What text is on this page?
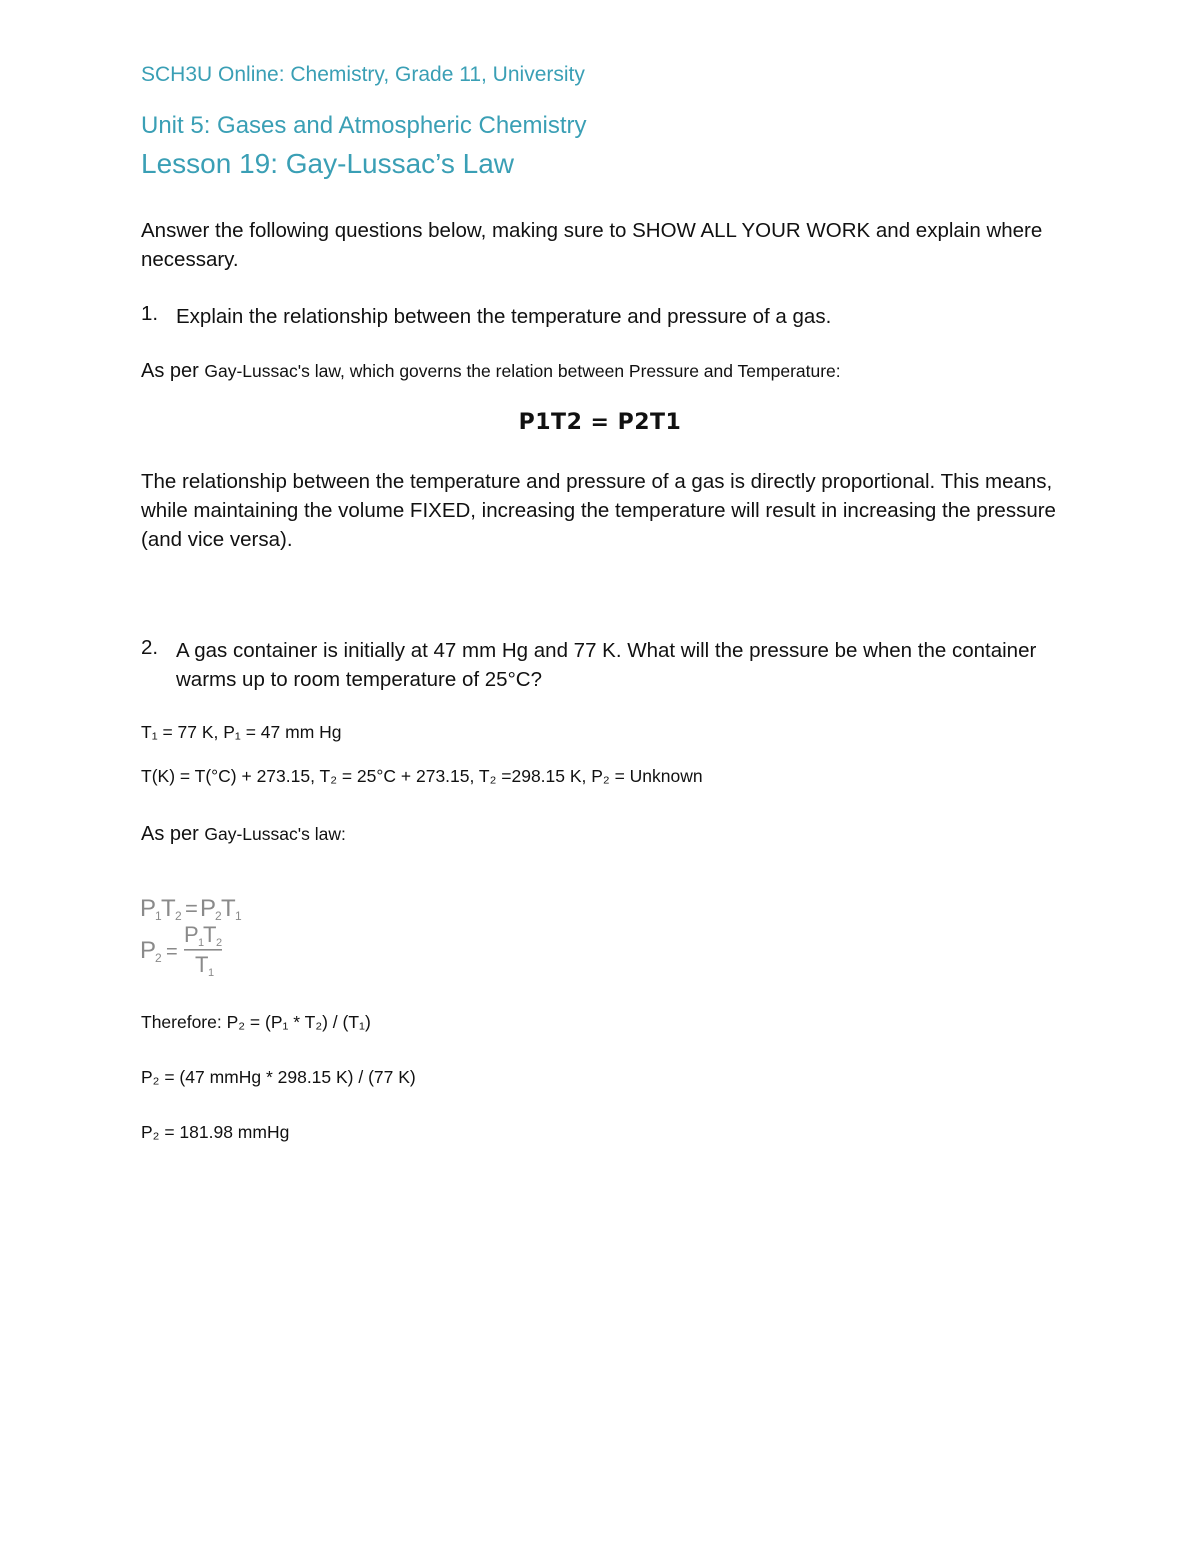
SCH3U Online: Chemistry, Grade 11, University
Unit 5: Gases and Atmospheric Chemistry
Lesson 19: Gay-Lussac’s Law
Answer the following questions below, making sure to SHOW ALL YOUR WORK and explain where necessary.
1. Explain the relationship between the temperature and pressure of a gas.
As per Gay-Lussac's law, which governs the relation between Pressure and Temperature:
P1T2 = P2T1
The relationship between the temperature and pressure of a gas is directly proportional. This means, while maintaining the volume FIXED, increasing the temperature will result in increasing the pressure (and vice versa).
2. A gas container is initially at 47 mm Hg and 77 K. What will the pressure be when the container warms up to room temperature of 25°C?
T₁ = 77 K, P₁ = 47 mm Hg
T(K) = T(°C) + 273.15, T₂ = 25°C + 273.15, T₂ =298.15 K, P₂ = Unknown
As per Gay-Lussac's law:
P
1 T 2 = P
2 T 1
P
2 =
P 1
T 2
T 1
Therefore: P₂ = (P₁ * T₂) / (T₁)
P₂ = (47 mmHg * 298.15 K) / (77 K)
P₂ = 181.98 mmHg
